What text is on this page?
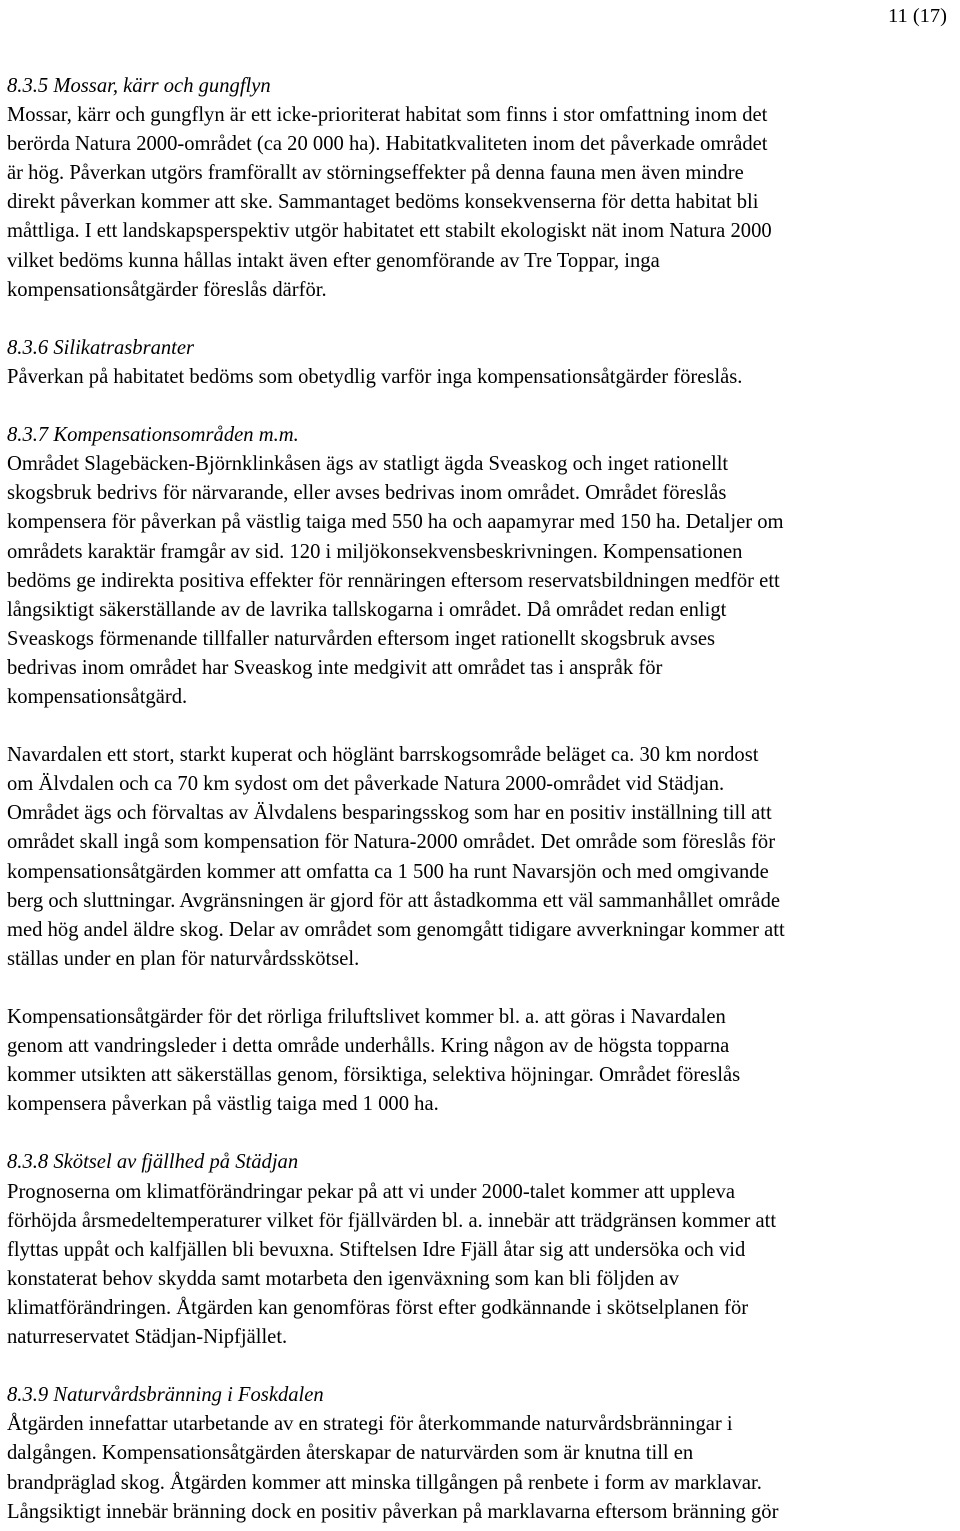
11 (17)
8.3.5 Mossar, kärr och gungflyn
Mossar, kärr och gungflyn är ett icke-prioriterat habitat som finns i stor omfattning inom det
berörda Natura 2000-området (ca 20 000 ha). Habitatkvaliteten inom det påverkade området
är hög. Påverkan utgörs framförallt av störningseffekter på denna fauna men även mindre
direkt påverkan kommer att ske. Sammantaget bedöms konsekvenserna för detta habitat bli
måttliga. I ett landskapsperspektiv utgör habitatet ett stabilt ekologiskt nät inom Natura 2000
vilket bedöms kunna hållas intakt även efter genomförande av Tre Toppar, inga
kompensationsåtgärder föreslås därför.
8.3.6 Silikatrasbranter
Påverkan på habitatet bedöms som obetydlig varför inga kompensationsåtgärder föreslås.
8.3.7 Kompensationsområden m.m.
Området Slagebäcken-Björnklinkåsen ägs av statligt ägda Sveaskog och inget rationellt
skogsbruk bedrivs för närvarande, eller avses bedrivas inom området. Området föreslås
kompensera för påverkan på västlig taiga med 550 ha och aapamyrar med 150 ha. Detaljer om
områdets karaktär framgår av sid. 120 i miljökonsekvensbeskrivningen. Kompensationen
bedöms ge indirekta positiva effekter för rennäringen eftersom reservatsbildningen medför ett
långsiktigt säkerställande av de lavrika tallskogarna i området. Då området redan enligt
Sveaskogs förmenande tillfaller naturvården eftersom inget rationellt skogsbruk avses
bedrivas inom området har Sveaskog inte medgivit att området tas i anspråk för
kompensationsåtgärd.
Navardalen ett stort, starkt kuperat och höglänt barrskogsområde beläget ca. 30 km nordost
om Älvdalen och ca 70 km sydost om det påverkade Natura 2000-området vid Städjan.
Området ägs och förvaltas av Älvdalens besparingsskog som har en positiv inställning till att
området skall ingå som kompensation för Natura-2000 området. Det område som föreslås för
kompensationsåtgärden kommer att omfatta ca 1 500 ha runt Navarsjön och med omgivande
berg och sluttningar. Avgränsningen är gjord för att åstadkomma ett väl sammanhållet område
med hög andel äldre skog. Delar av området som genomgått tidigare avverkningar kommer att
ställas under en plan för naturvårdsskötsel.
Kompensationsåtgärder för det rörliga friluftslivet kommer bl. a. att göras i Navardalen
genom att vandringsleder i detta område underhålls. Kring någon av de högsta topparna
kommer utsikten att säkerställas genom, försiktiga, selektiva höjningar. Området föreslås
kompensera påverkan på västlig taiga med 1 000 ha.
8.3.8 Skötsel av fjällhed på Städjan
Prognoserna om klimatförändringar pekar på att vi under 2000-talet kommer att uppleva
förhöjda årsmedeltemperaturer vilket för fjällvärden bl. a. innebär att trädgränsen kommer att
flyttas uppåt och kalfjällen bli bevuxna. Stiftelsen Idre Fjäll åtar sig att undersöka och vid
konstaterat behov skydda samt motarbeta den igenväxning som kan bli följden av
klimatförändringen. Åtgärden kan genomföras först efter godkännande i skötselplanen för
naturreservatet Städjan-Nipfjället.
8.3.9 Naturvårdsbränning i Foskdalen
Åtgärden innefattar utarbetande av en strategi för återkommande naturvårdsbränningar i
dalgången. Kompensationsåtgärden återskapar de naturvärden som är knutna till en
brandpräglad skog. Åtgärden kommer att minska tillgången på renbete i form av marklavar.
Långsiktigt innebär bränning dock en positiv påverkan på marklavarna eftersom bränning gör
